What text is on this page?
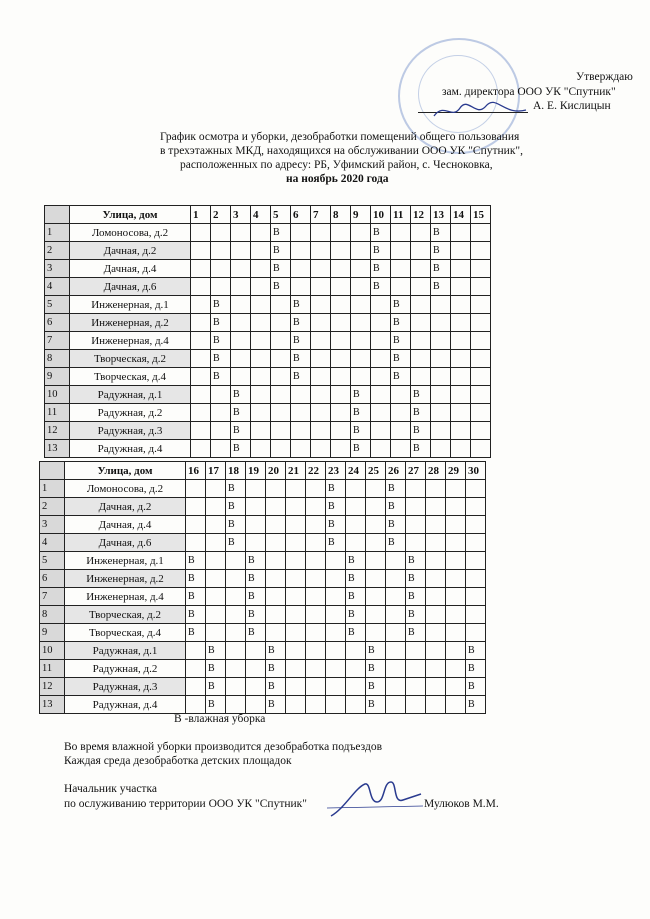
Утверждаю
зам. директора ООО УК "Спутник"
А. Е. Кислицын
График осмотра и уборки, дезобработки помещений общего пользования
в трехэтажных МКД, находящихся на обслуживании ООО УК "Спутник",
расположенных по адресу: РБ, Уфимский район, с. Чесноковка,
на ноябрь 2020 года
	Улица, дом	1	2	3	4	5	6	7	8	9	10	11	12	13	14	15
1	Ломоносова, д.2					В					В			В		
2	Дачная, д.2					В					В			В		
3	Дачная, д.4					В					В			В		
4	Дачная, д.6					В					В			В		
5	Инженерная, д.1		В				В					В				
6	Инженерная, д.2		В				В					В				
7	Инженерная, д.4		В				В					В				
8	Творческая, д.2		В				В					В				
9	Творческая, д.4		В				В					В				
10	Радужная, д.1			В						В			В			
11	Радужная, д.2			В						В			В			
12	Радужная, д.3			В						В			В			
13	Радужная, д.4			В						В			В			
	Улица, дом	16	17	18	19	20	21	22	23	24	25	26	27	28	29	30
1	Ломоносова, д.2			В					В			В				
2	Дачная, д.2			В					В			В				
3	Дачная, д.4			В					В			В				
4	Дачная, д.6			В					В			В				
5	Инженерная, д.1	В			В					В			В			
6	Инженерная, д.2	В			В					В			В			
7	Инженерная, д.4	В			В					В			В			
8	Творческая, д.2	В			В					В			В			
9	Творческая, д.4	В			В					В			В			
10	Радужная, д.1		В			В					В					В
11	Радужная, д.2		В			В					В					В
12	Радужная, д.3		В			В					В					В
13	Радужная, д.4		В			В					В					В
В -влажная уборка
Во время влажной уборки производится дезобработка подъездов
Каждая среда дезобработка детских площадок
Начальник участка
по оcлуживанию территории ООО УК "Спутник"	Мулюков М.М.
